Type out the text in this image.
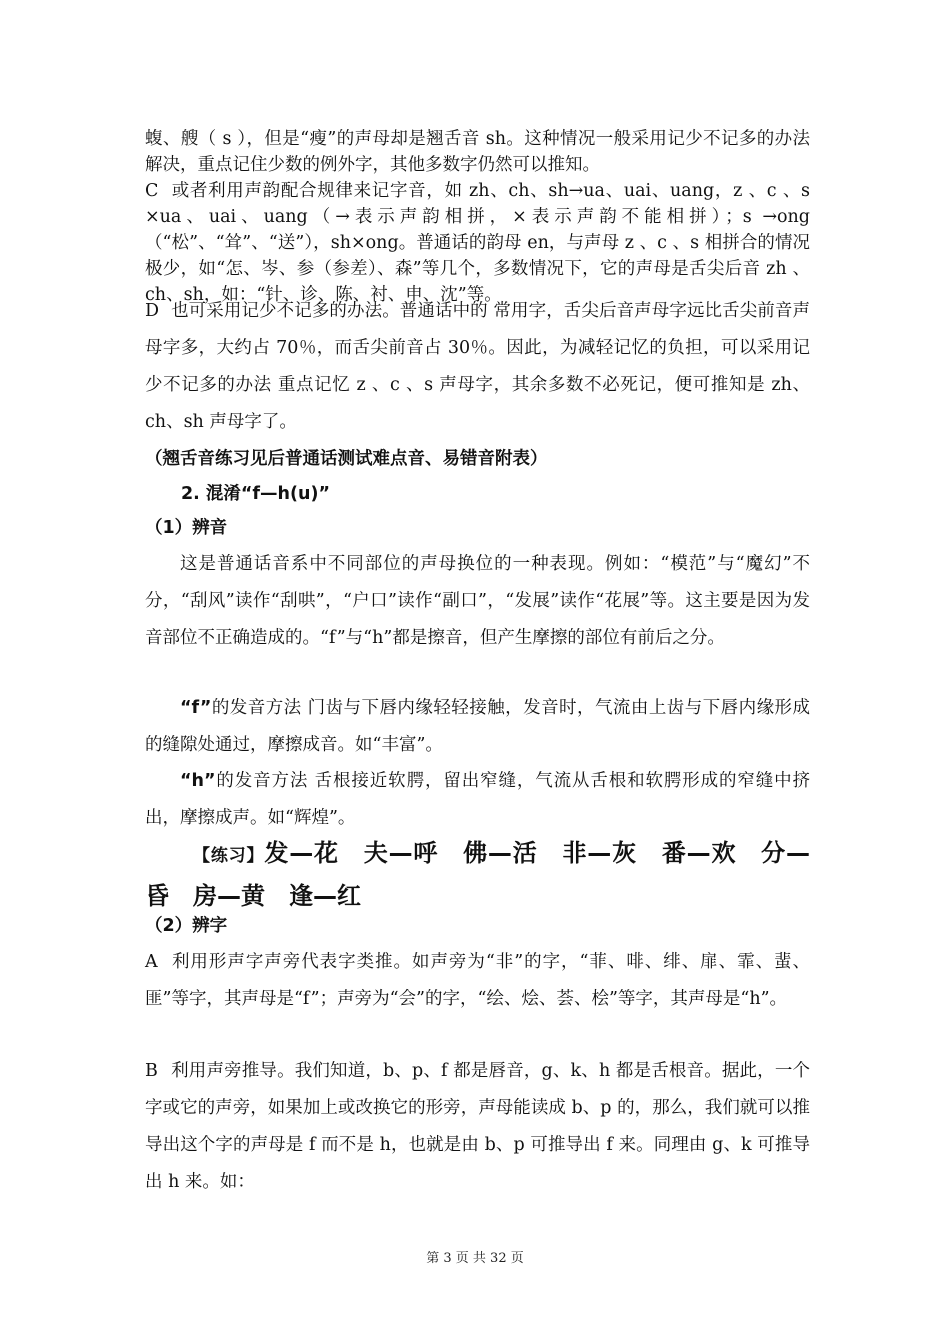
蝮、艘（ s ），但是“瘦”的声母却是翘舌音 sh。这种情况一般采用记少不记多的办法解决，重点记住少数的例外字，其他多数字仍然可以推知。

C 或者利用声韵配合规律来记字音，如 zh、ch、sh→ua、uai、uang，z 、c 、s ×ua、uai、uang（→表示声韵相拼，×表示声韵不能相拼）；s →ong（“松”、“耸”、“送”），sh×ong。普通话的韵母 en，与声母 z 、c 、s 相拼合的情况极少，如“怎、岑、参（参差）、森”等几个，多数情况下，它的声母是舌尖后音 zh 、ch、sh，如：“针、诊、陈、衬、申、沈”等。

D 也可采用记少不记多的办法。普通话中的 常用字，舌尖后音声母字远比舌尖前音声母字多，大约占 70％，而舌尖前音占 30％。因此，为减轻记忆的负担，可以采用记少不记多的办法 重点记忆 z 、c 、s 声母字，其余多数不必死记，便可推知是 zh、ch、sh 声母字了。

（翘舌音练习见后普通话测试难点音、易错音附表）

2. 混淆“f—h(u)”

（1）辨音

这是普通话音系中不同部位的声母换位的一种表现。例如：“模范”与“魔幻”不分，“刮风”读作“刮哄”，“户口”读作“副口”，“发展”读作“花展”等。这主要是因为发音部位不正确造成的。“f”与“h”都是擦音，但产生摩擦的部位有前后之分。

“f”的发音方法 门齿与下唇内缘轻轻接触，发音时，气流由上齿与下唇内缘形成的缝隙处通过，摩擦成音。如“丰富”。

“h”的发音方法 舌根接近软腭，留出窄缝，气流从舌根和软腭形成的窄缝中挤出，摩擦成声。如“辉煌”。

【练习】发—花　夫—呼　佛—活　非—灰　番—欢　分—昏　房—黄　逢—红

（2）辨字

A 利用形声字声旁代表字类推。如声旁为“非”的字，“菲、啡、绯、扉、霏、蜚、匪”等字，其声母是“f”；声旁为“会”的字，“绘、烩、荟、桧”等字，其声母是“h”。

B 利用声旁推导。我们知道，b、p、f 都是唇音，g、k、h 都是舌根音。据此，一个字或它的声旁，如果加上或改换它的形旁，声母能读成 b、p 的，那么，我们就可以推导出这个字的声母是 f 而不是 h，也就是由 b、p 可推导出 f 来。同理由 g、k 可推导出 h 来。如：

第 3 页 共 32 页
